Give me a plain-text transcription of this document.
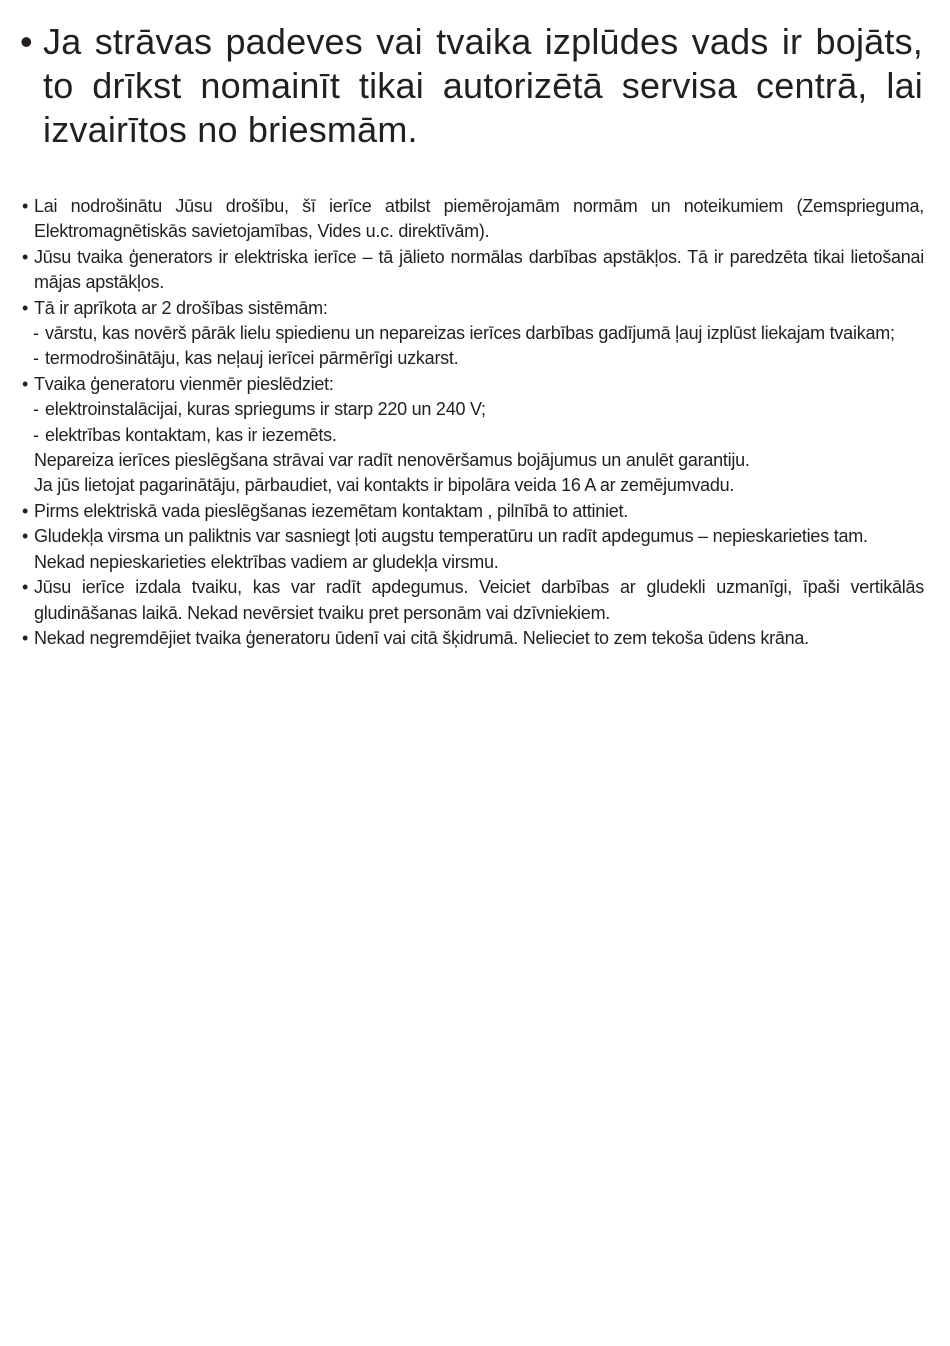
• Ja strāvas padeves vai tvaika izplūdes vads ir bojāts, to drīkst nomainīt tikai autorizētā servisa centrā, lai izvairītos no briesmām.
• Lai nodrošinātu Jūsu drošību, šī ierīce atbilst piemērojamām normām un noteikumiem (Zemsprieguma, Elektromagnētiskās savietojamības, Vides u.c. direktīvām).
• Jūsu tvaika ģenerators ir elektriska ierīce – tā jālieto normālas darbības apstākļos. Tā ir paredzēta tikai lietošanai mājas apstākļos.
• Tā ir aprīkota ar 2 drošības sistēmām:
- vārstu, kas novērš pārāk lielu spiedienu un nepareizas ierīces darbības gadījumā ļauj izplūst liekajam tvaikam;
- termodrošinātāju, kas neļauj ierīcei pārmērīgi uzkarst.
• Tvaika ģeneratoru vienmēr pieslēdziet:
- elektroinstalācijai, kuras spriegums ir starp 220 un 240 V;
- elektrības kontaktam, kas ir iezemēts.
Nepareiza ierīces pieslēgšana strāvai var radīt nenovēršamus bojājumus un anulēt garantiju.
Ja jūs lietojat pagarinātāju, pārbaudiet, vai kontakts ir bipolāra veida 16 A ar zemējumvadu.
• Pirms elektriskā vada pieslēgšanas iezemētam kontaktam , pilnībā to attiniet.
• Gludekļa virsma un paliktnis var sasniegt ļoti augstu temperatūru un radīt apdegumus – nepieskarieties tam.
Nekad nepieskarieties elektrības vadiem ar gludekļa virsmu.
• Jūsu ierīce izdala tvaiku, kas var radīt apdegumus. Veiciet darbības ar gludekli uzmanīgi, īpaši vertikālās gludināšanas laikā. Nekad nevērsiet tvaiku pret personām vai dzīvniekiem.
• Nekad negremdējiet tvaika ģeneratoru ūdenī vai citā šķidrumā. Nelieciet to zem tekoša ūdens krāna.
